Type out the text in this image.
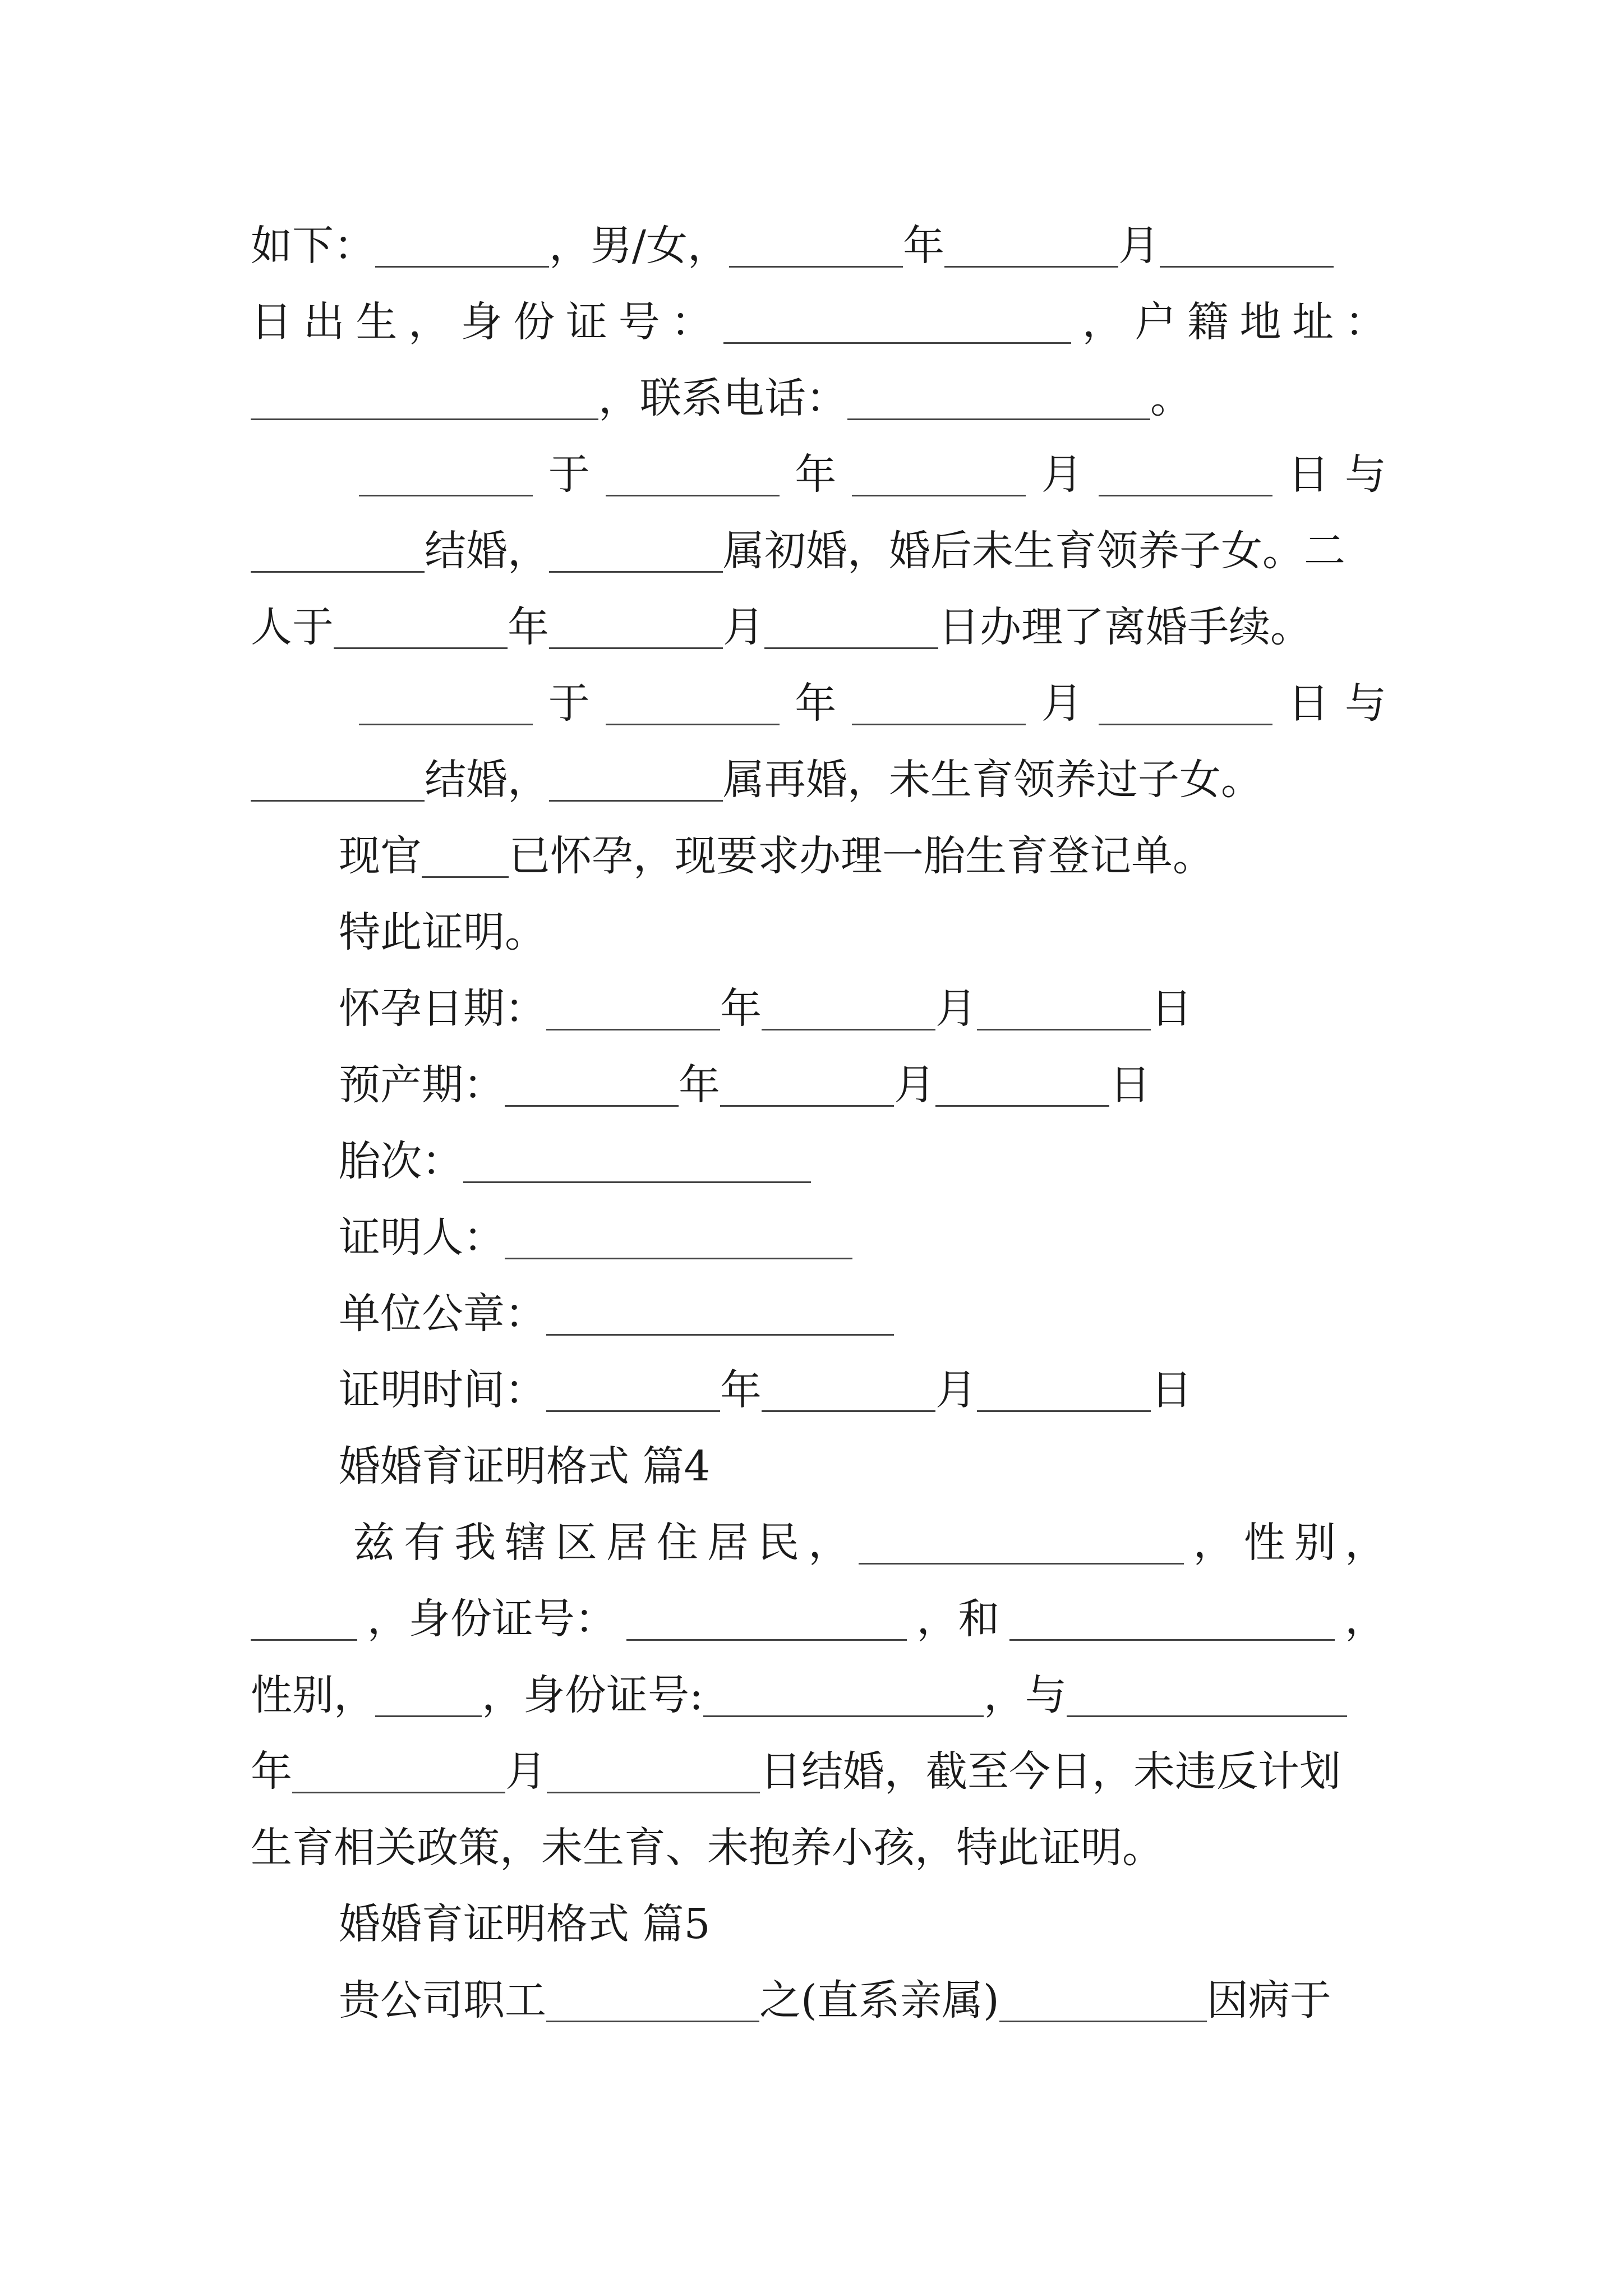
如下：	，男/女，	年	月
日 出 生 ， 身 份 证 号 ：	， 户 籍 地 址 ：
，联系电话：	。
于	年	月	日 与
结婚，	属初婚，婚后未生育领养子女。二
人于	年	月	日办理了离婚手续。
于	年	月	日 与
结婚，	属再婚，未生育领养过子女。
现官 已怀孕，现要求办理一胎生育登记单。
特此证明。
怀孕日期：	年	月	日
预产期：	年	月	日
胎次：
证明人：
单位公章：
证明时间：	年	月	日
婚婚育证明格式 篇4
兹 有 我 辖 区 居 住 居 民 ，	， 性 别 ，
，身份证号：	，和	，
性别，	，身份证号:	，与
年	月	日结婚，截至今日，未违反计划
生育相关政策，未生育、未抱养小孩，特此证明。
婚婚育证明格式 篇5
贵公司职工	之(直系亲属)	因病于
